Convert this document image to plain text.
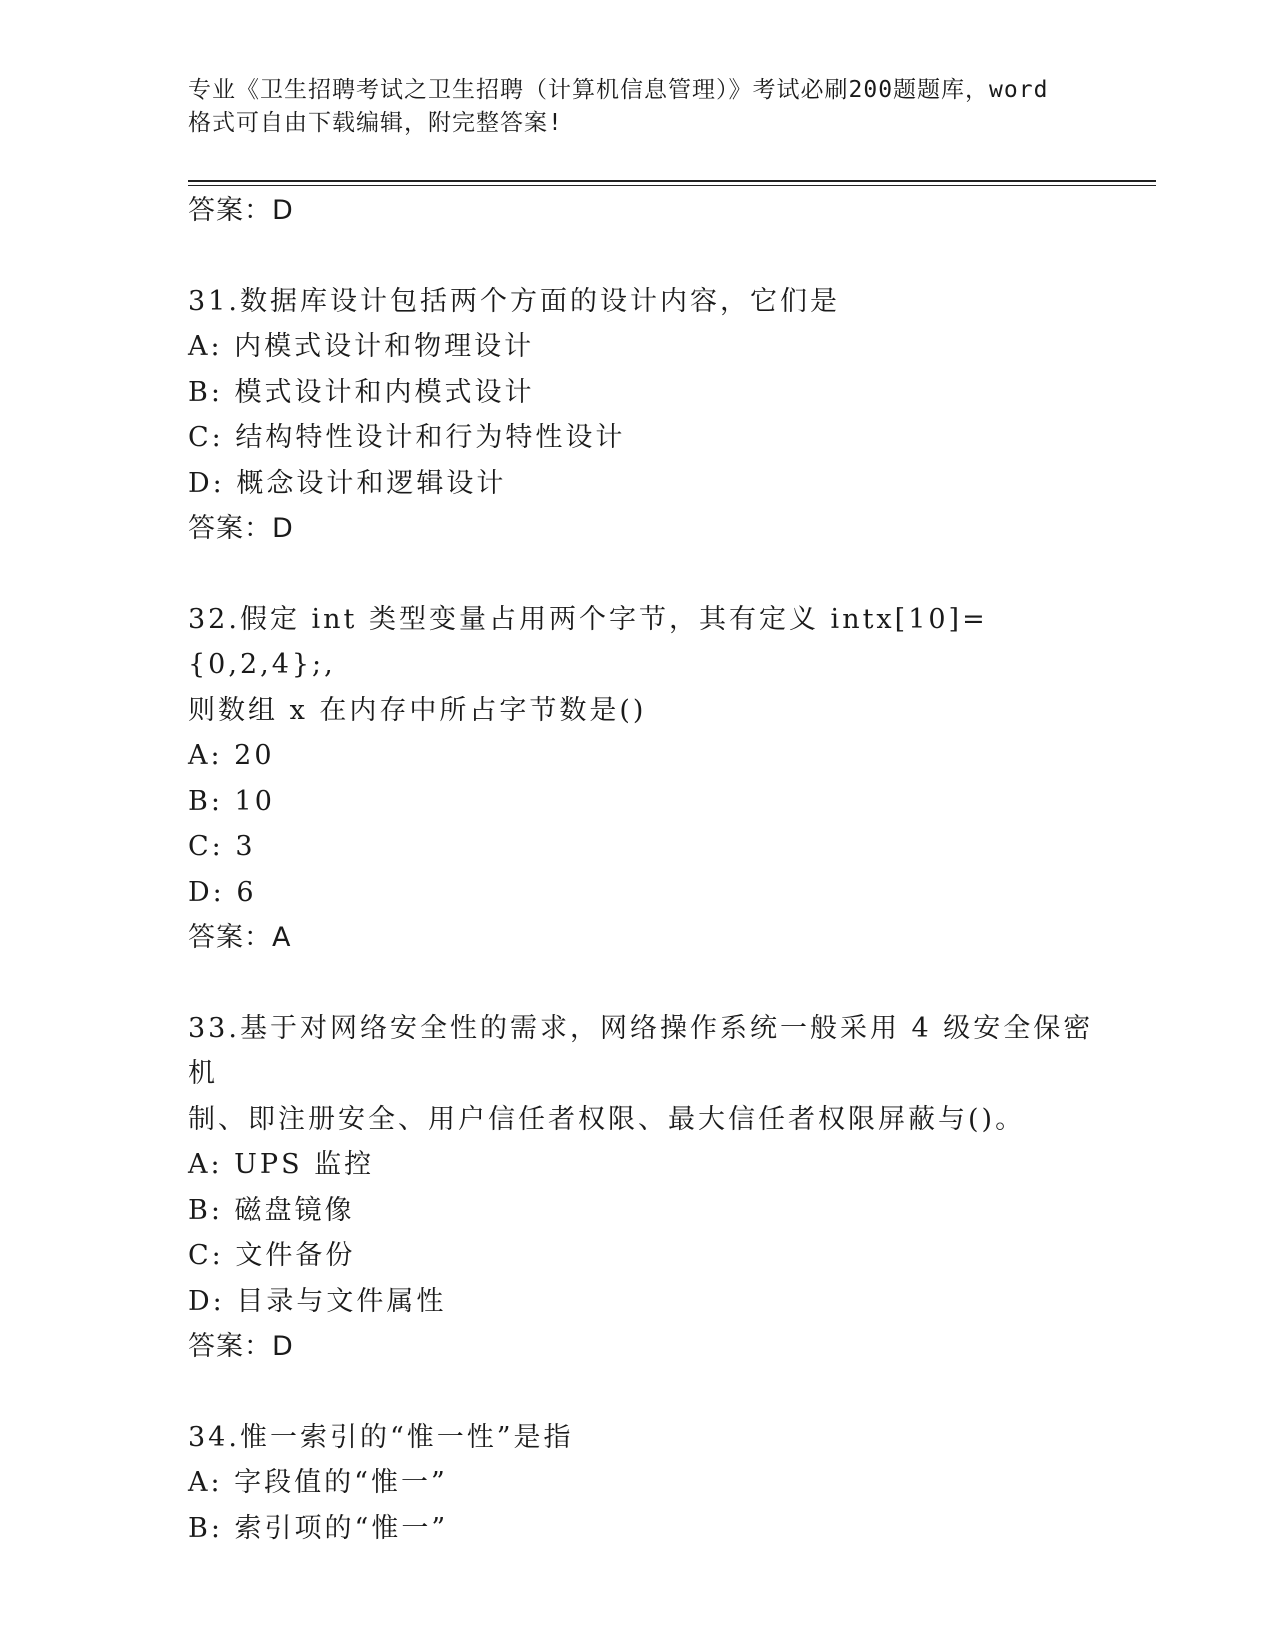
专业《卫生招聘考试之卫生招聘（计算机信息管理）》考试必刷200题题库，word
格式可自由下载编辑，附完整答案!
答案：D
31.数据库设计包括两个方面的设计内容，它们是
A: 内模式设计和物理设计
B: 模式设计和内模式设计
C: 结构特性设计和行为特性设计
D: 概念设计和逻辑设计
答案：D
32.假定 int 类型变量占用两个字节，其有定义 intx[10]={0,2,4};,
则数组 x 在内存中所占字节数是()
A: 20
B: 10
C: 3
D: 6
答案：A
33.基于对网络安全性的需求，网络操作系统一般采用 4 级安全保密机
制、即注册安全、用户信任者权限、最大信任者权限屏蔽与()。
A: UPS 监控
B: 磁盘镜像
C: 文件备份
D: 目录与文件属性
答案：D
34.惟一索引的“惟一性”是指
A: 字段值的“惟一”
B: 索引项的“惟一”
